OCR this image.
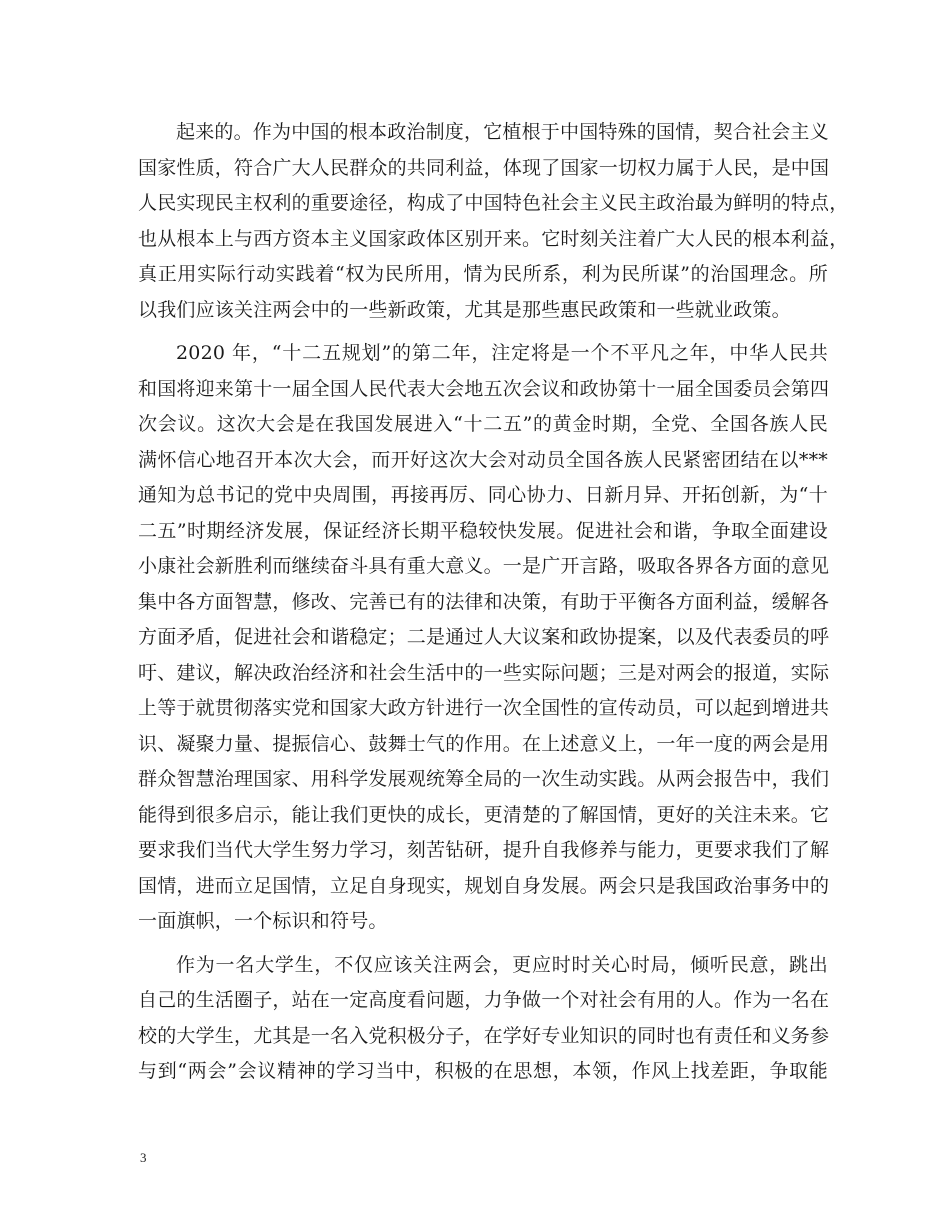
起来的。作为中国的根本政治制度，它植根于中国特殊的国情，契合社会主义
国家性质，符合广大人民群众的共同利益，体现了国家一切权力属于人民，是中国
人民实现民主权利的重要途径，构成了中国特色社会主义民主政治最为鲜明的特点，
也从根本上与西方资本主义国家政体区别开来。它时刻关注着广大人民的根本利益，
真正用实际行动实践着“权为民所用，情为民所系，利为民所谋”的治国理念。所
以我们应该关注两会中的一些新政策，尤其是那些惠民政策和一些就业政策。
2020 年，“十二五规划”的第二年，注定将是一个不平凡之年，中华人民共
和国将迎来第十一届全国人民代表大会地五次会议和政协第十一届全国委员会第四
次会议。这次大会是在我国发展进入“十二五”的黄金时期，全党、全国各族人民
满怀信心地召开本次大会，而开好这次大会对动员全国各族人民紧密团结在以***
通知为总书记的党中央周围，再接再厉、同心协力、日新月异、开拓创新，为“十
二五”时期经济发展，保证经济长期平稳较快发展。促进社会和谐，争取全面建设
小康社会新胜利而继续奋斗具有重大意义。一是广开言路，吸取各界各方面的意见
集中各方面智慧，修改、完善已有的法律和决策，有助于平衡各方面利益，缓解各
方面矛盾，促进社会和谐稳定；二是通过人大议案和政协提案，以及代表委员的呼
吁、建议，解决政治经济和社会生活中的一些实际问题；三是对两会的报道，实际
上等于就贯彻落实党和国家大政方针进行一次全国性的宣传动员，可以起到增进共
识、凝聚力量、提振信心、鼓舞士气的作用。在上述意义上，一年一度的两会是用
群众智慧治理国家、用科学发展观统筹全局的一次生动实践。从两会报告中，我们
能得到很多启示，能让我们更快的成长，更清楚的了解国情，更好的关注未来。它
要求我们当代大学生努力学习，刻苦钻研，提升自我修养与能力，更要求我们了解
国情，进而立足国情，立足自身现实，规划自身发展。两会只是我国政治事务中的
一面旗帜，一个标识和符号。
作为一名大学生，不仅应该关注两会，更应时时关心时局，倾听民意，跳出
自己的生活圈子，站在一定高度看问题，力争做一个对社会有用的人。作为一名在
校的大学生，尤其是一名入党积极分子，在学好专业知识的同时也有责任和义务参
与到“两会”会议精神的学习当中，积极的在思想，本领，作风上找差距，争取能
3
